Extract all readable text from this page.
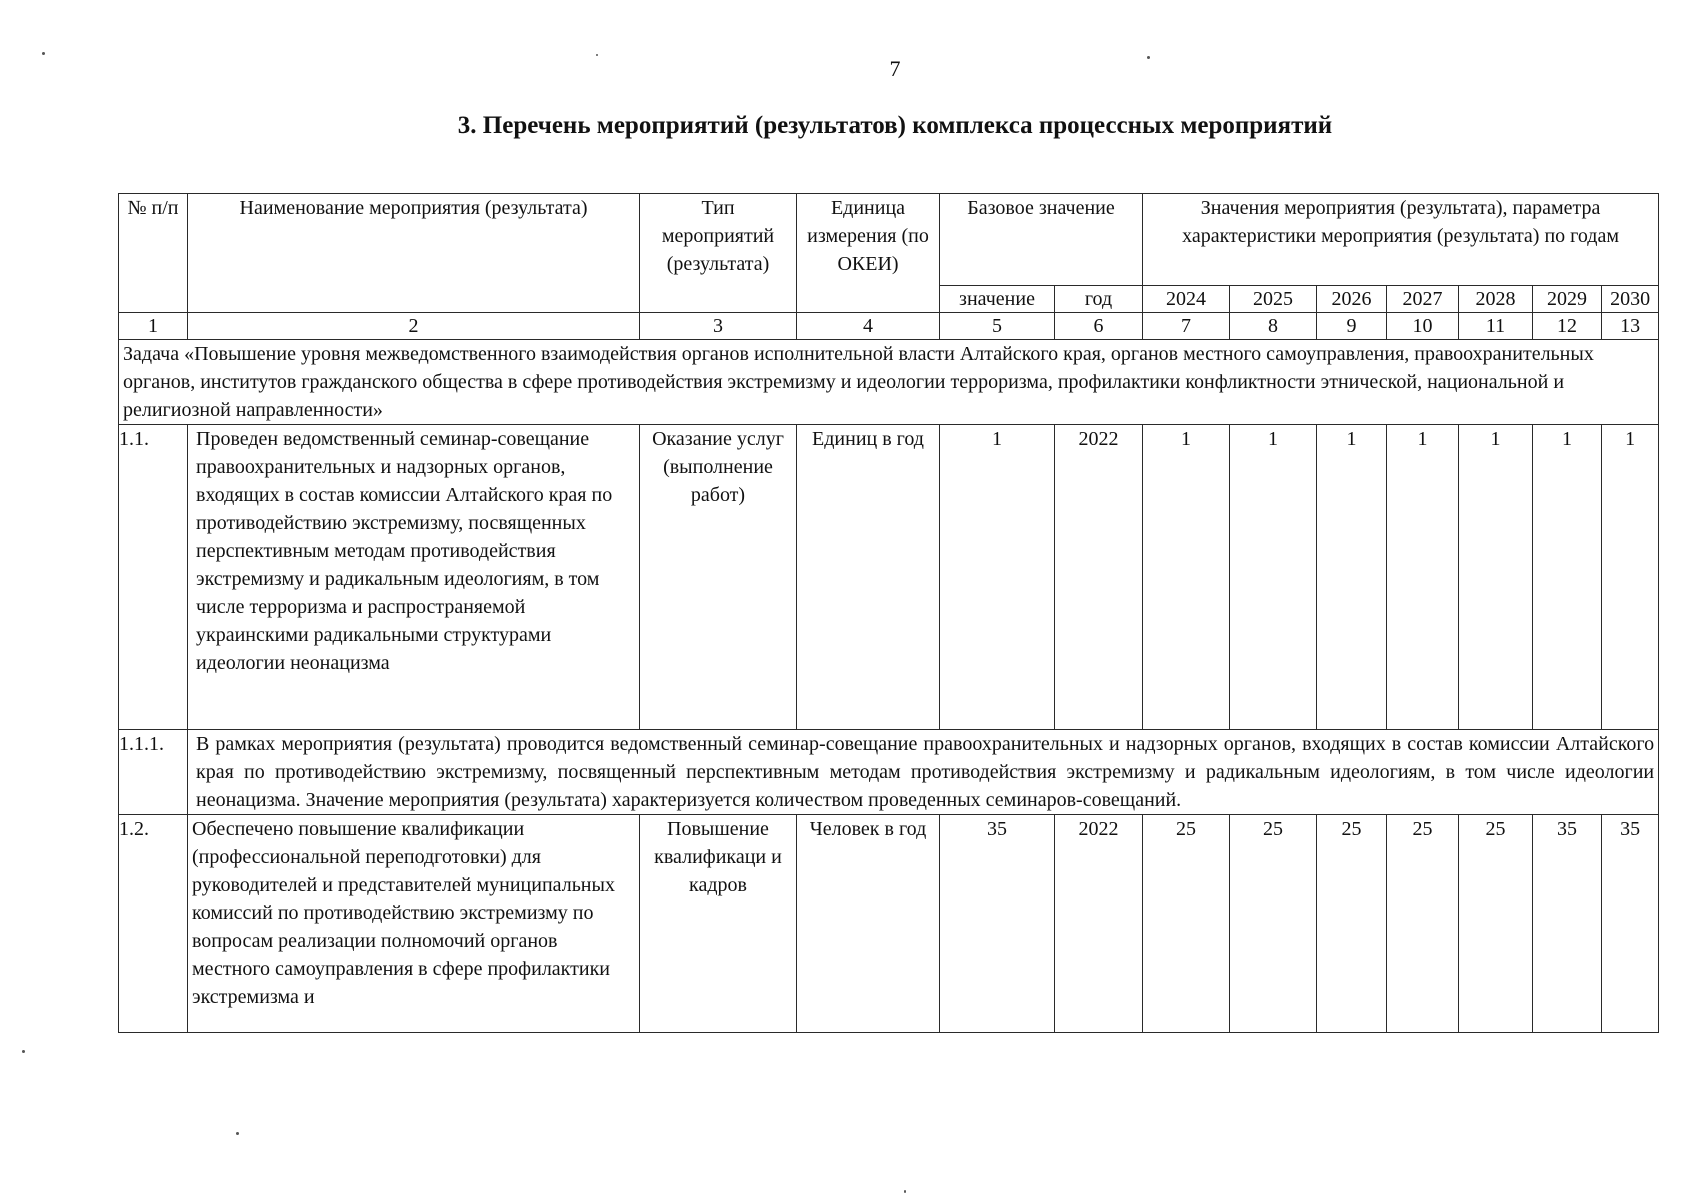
7
3. Перечень мероприятий (результатов) комплекса процессных мероприятий
№ п/п	Наименование мероприятия (результата)	Тип мероприятий (результата)	Единица измерения (по ОКЕИ)	Базовое значение		Значения мероприятия (результата), параметра характеристики мероприятия (результата) по годам						
				значение	год	2024	2025	2026	2027	2028	2029	2030
1	2	3	4	5	6	7	8	9	10	11	12	13
Задача «Повышение уровня межведомственного взаимодействия органов исполнительной власти Алтайского края, органов местного самоуправления, правоохранительных органов, институтов гражданского общества в сфере противодействия экстремизму и идеологии терроризма, профилактики конфликтности этнической, национальной и религиозной направленности»												
1.1.	Проведен ведомственный семинар-совещание правоохранительных и надзорных органов, входящих в состав комиссии Алтайского края по противодействию экстремизму, посвященных перспективным методам противодействия экстремизму и радикальным идеологиям, в том числе терроризма и распространяемой украинскими радикальными структурами идеологии неонацизма	Оказание услуг (выполнение работ)	Единиц в год	1	2022	1	1	1	1	1	1	1
1.1.1.	В рамках мероприятия (результата) проводится ведомственный семинар-совещание правоохранительных и надзорных органов, входящих в состав комиссии Алтайского края по противодействию экстремизму, посвященный перспективным методам противодействия экстремизму и радикальным идеологиям, в том числе идеологии неонацизма. Значение мероприятия (результата) характеризуется количеством проведенных семинаров-совещаний.											
1.2.	Обеспечено повышение квалификации (профессиональной переподготовки) для руководителей и представителей муниципальных комиссий по противодействию экстремизму по вопросам реализации полномочий органов местного самоуправления в сфере профилактики экстремизма и	Повышение квалификаци и кадров	Человек в год	35	2022	25	25	25	25	25	35	35
